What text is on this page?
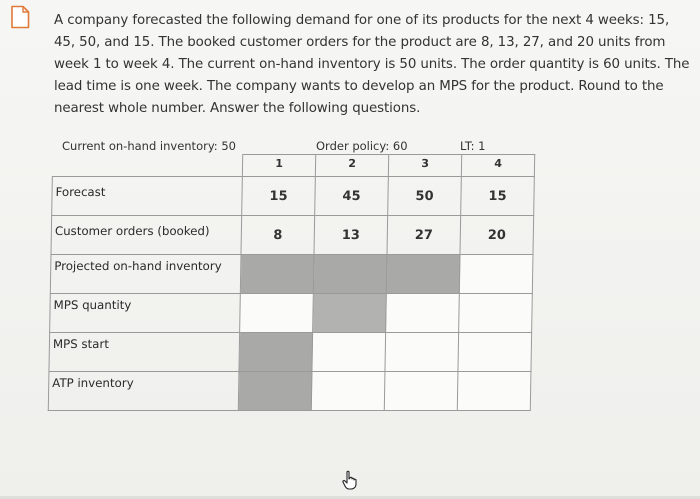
A company forecasted the following demand for one of its products for the next 4 weeks: 15, 45, 50, and 15. The booked customer orders for the product are 8, 13, 27, and 20 units from week 1 to week 4. The current on-hand inventory is 50 units. The order quantity is 60 units. The lead time is one week. The company wants to develop an MPS for the product. Round to the nearest whole number. Answer the following questions.
Current on-hand inventory: 50	Order policy: 60	LT: 1
	1	2	3	4
Forecast	15	45	50	15
Customer orders (booked)	8	13	27	20
Projected on-hand inventory				
MPS quantity				
MPS start				
ATP inventory				
